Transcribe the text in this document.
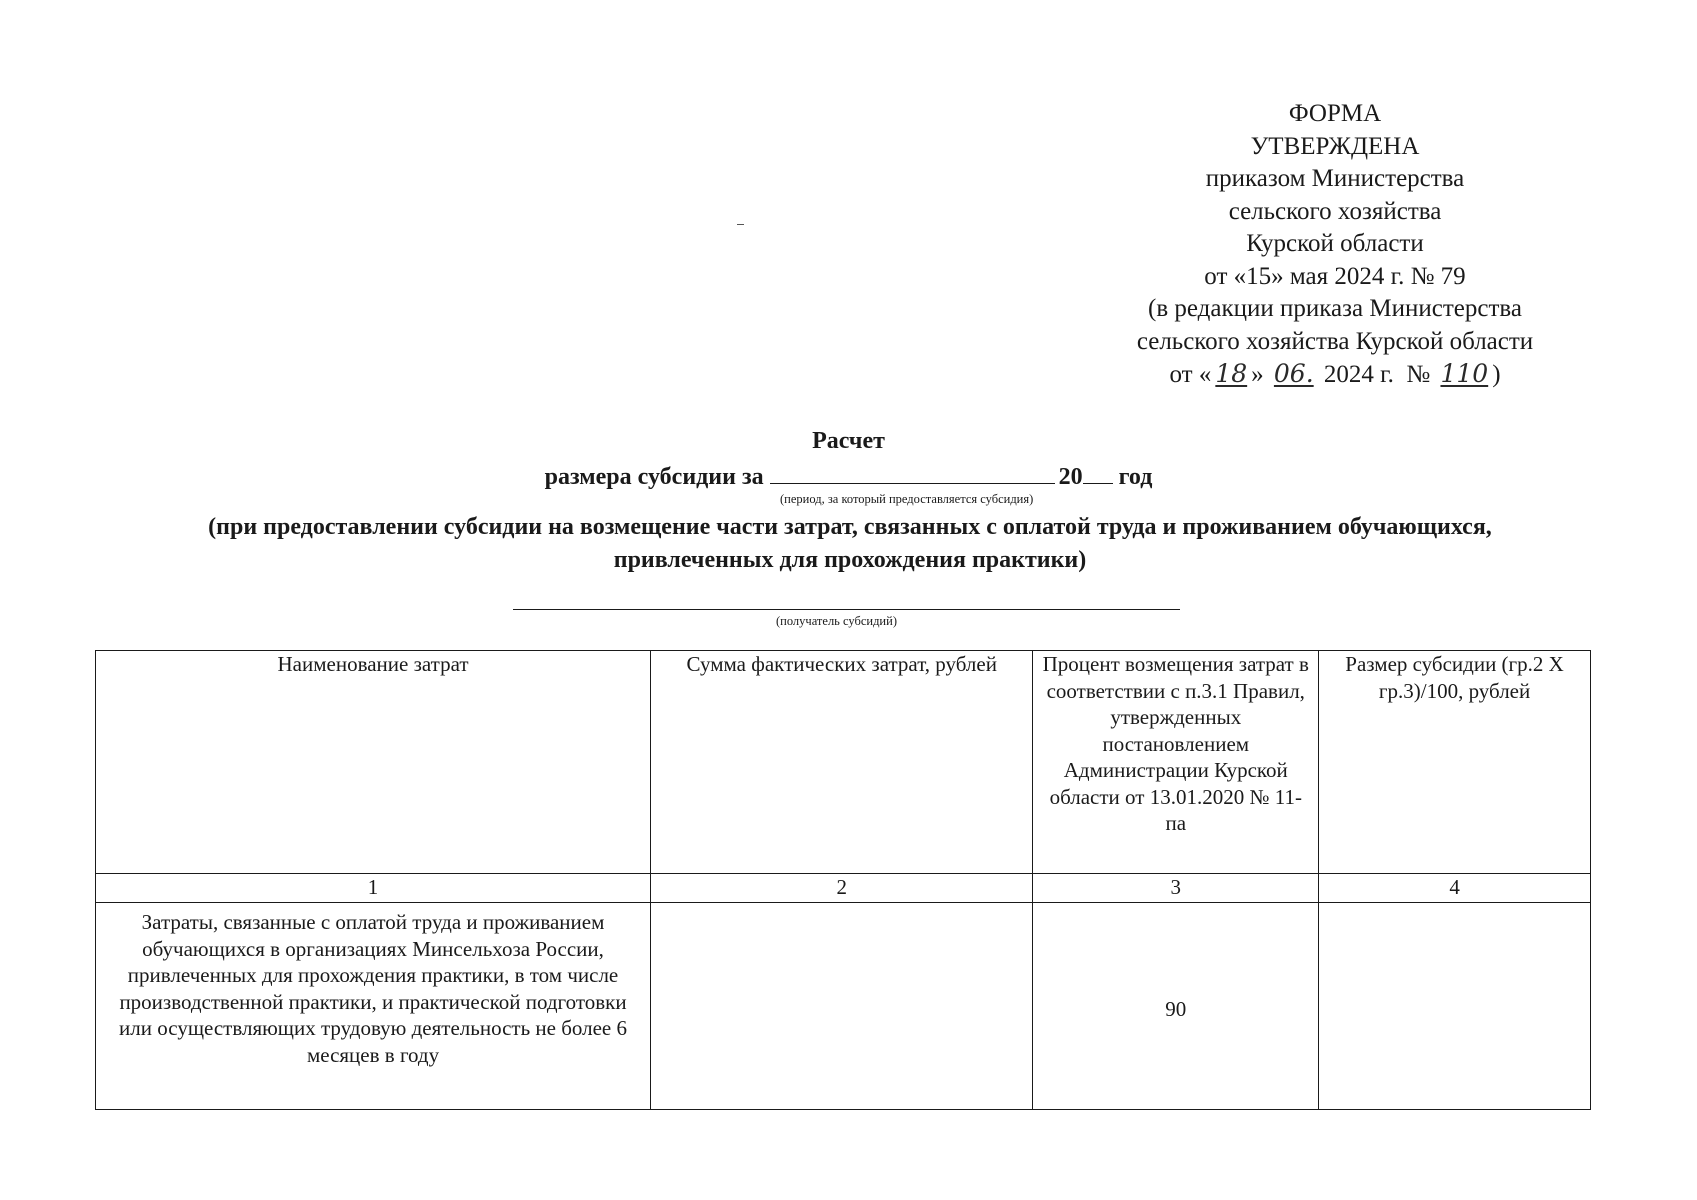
ФОРМА
УТВЕРЖДЕНА
приказом Министерства
сельского хозяйства
Курской области
от «15» мая 2024 г. № 79
(в редакции приказа Министерства
сельского хозяйства Курской области
от « 18 » 06. 2024 г. № 110 )
Расчет
размера субсидии за	20 год
(период, за который предоставляется субсидия)
(при предоставлении субсидии на возмещение части затрат, связанных с оплатой труда и проживанием обучающихся, привлеченных для прохождения практики)
(получатель субсидий)
Наименование затрат	Сумма фактических затрат, рублей	Процент возмещения затрат в соответствии с п.3.1 Правил, утвержденных постановлением Администрации Курской области от 13.01.2020 № 11-па	Размер субсидии (гр.2 Х гр.3)/100, рублей
1	2	3	4
Затраты, связанные с оплатой труда и проживанием обучающихся в организациях Минсельхоза России, привлеченных для прохождения практики, в том числе производственной практики, и практической подготовки или осуществляющих трудовую деятельность не более 6 месяцев в году		90	
